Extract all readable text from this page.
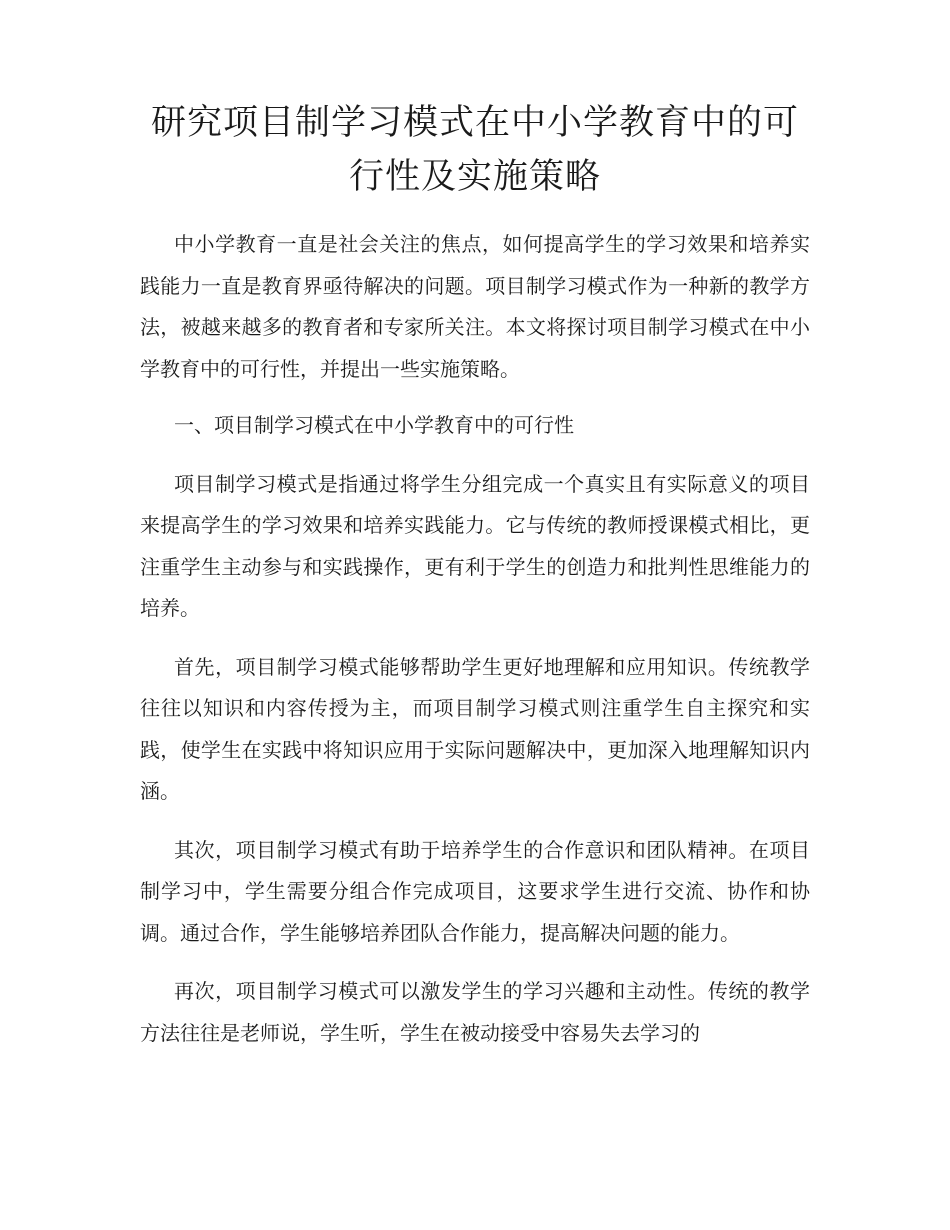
研究项目制学习模式在中小学教育中的可行性及实施策略

中小学教育一直是社会关注的焦点，如何提高学生的学习效果和培养实践能力一直是教育界亟待解决的问题。项目制学习模式作为一种新的教学方法，被越来越多的教育者和专家所关注。本文将探讨项目制学习模式在中小学教育中的可行性，并提出一些实施策略。

一、项目制学习模式在中小学教育中的可行性

项目制学习模式是指通过将学生分组完成一个真实且有实际意义的项目来提高学生的学习效果和培养实践能力。它与传统的教师授课模式相比，更注重学生主动参与和实践操作，更有利于学生的创造力和批判性思维能力的培养。

首先，项目制学习模式能够帮助学生更好地理解和应用知识。传统教学往往以知识和内容传授为主，而项目制学习模式则注重学生自主探究和实践，使学生在实践中将知识应用于实际问题解决中，更加深入地理解知识内涵。

其次，项目制学习模式有助于培养学生的合作意识和团队精神。在项目制学习中，学生需要分组合作完成项目，这要求学生进行交流、协作和协调。通过合作，学生能够培养团队合作能力，提高解决问题的能力。

再次，项目制学习模式可以激发学生的学习兴趣和主动性。传统的教学方法往往是老师说，学生听，学生在被动接受中容易失去学习的
